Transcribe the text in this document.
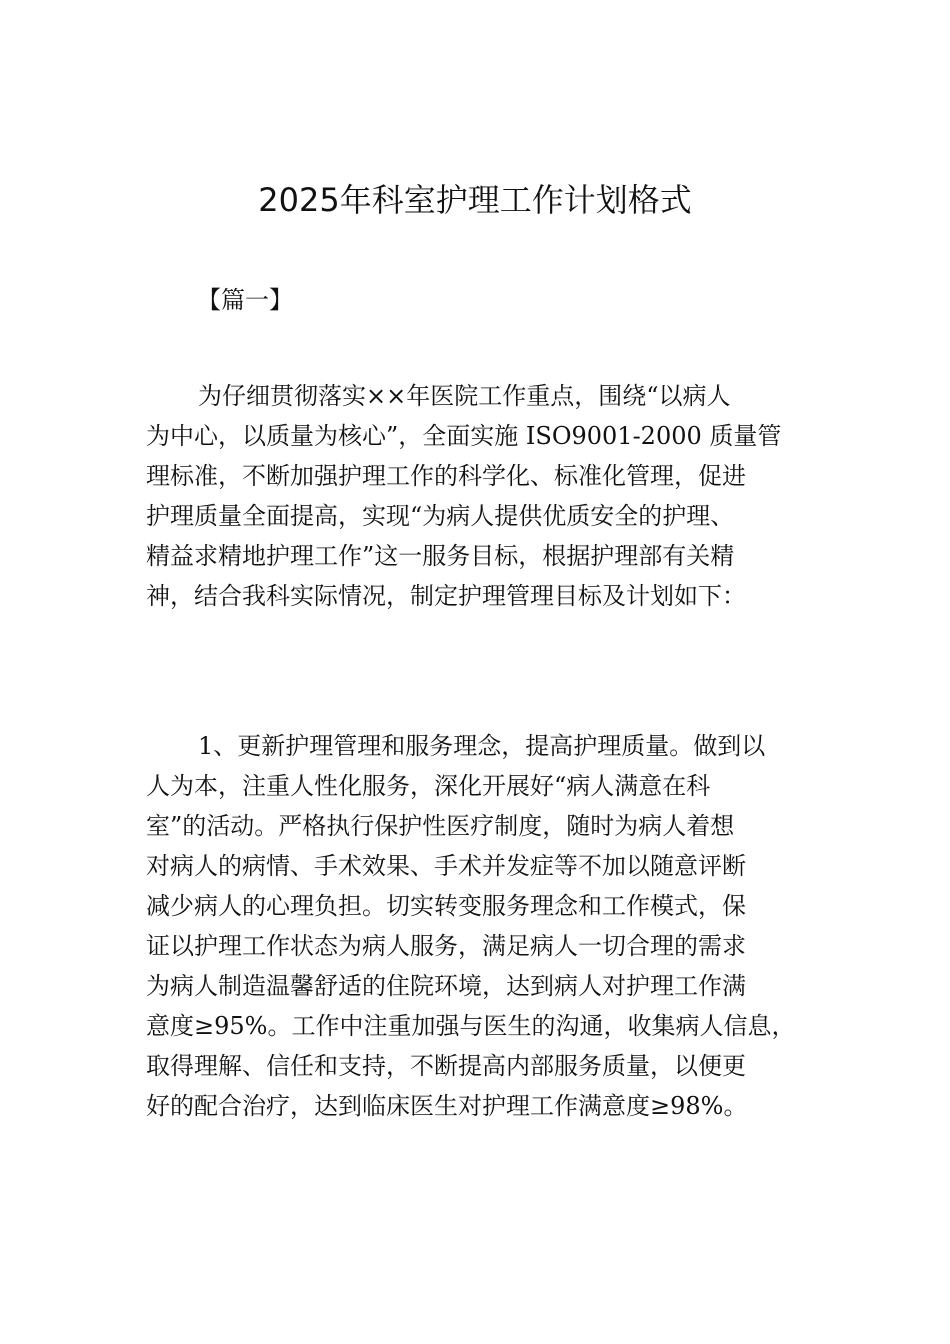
2025年科室护理工作计划格式
【篇一】
为仔细贯彻落实××年医院工作重点，围绕“以病人
为中心，以质量为核心”，全面实施 ISO9001-2000 质量管
理标准，不断加强护理工作的科学化、标准化管理，促进
护理质量全面提高，实现“为病人提供优质安全的护理、
精益求精地护理工作”这一服务目标，根据护理部有关精
神，结合我科实际情况，制定护理管理目标及计划如下：
1、更新护理管理和服务理念，提高护理质量。做到以
人为本，注重人性化服务，深化开展好“病人满意在科
室”的活动。严格执行保护性医疗制度，随时为病人着想
对病人的病情、手术效果、手术并发症等不加以随意评断
减少病人的心理负担。切实转变服务理念和工作模式，保
证以护理工作状态为病人服务，满足病人一切合理的需求
为病人制造温馨舒适的住院环境，达到病人对护理工作满
意度≥95%。工作中注重加强与医生的沟通，收集病人信息，
取得理解、信任和支持，不断提高内部服务质量，以便更
好的配合治疗，达到临床医生对护理工作满意度≥98%。
